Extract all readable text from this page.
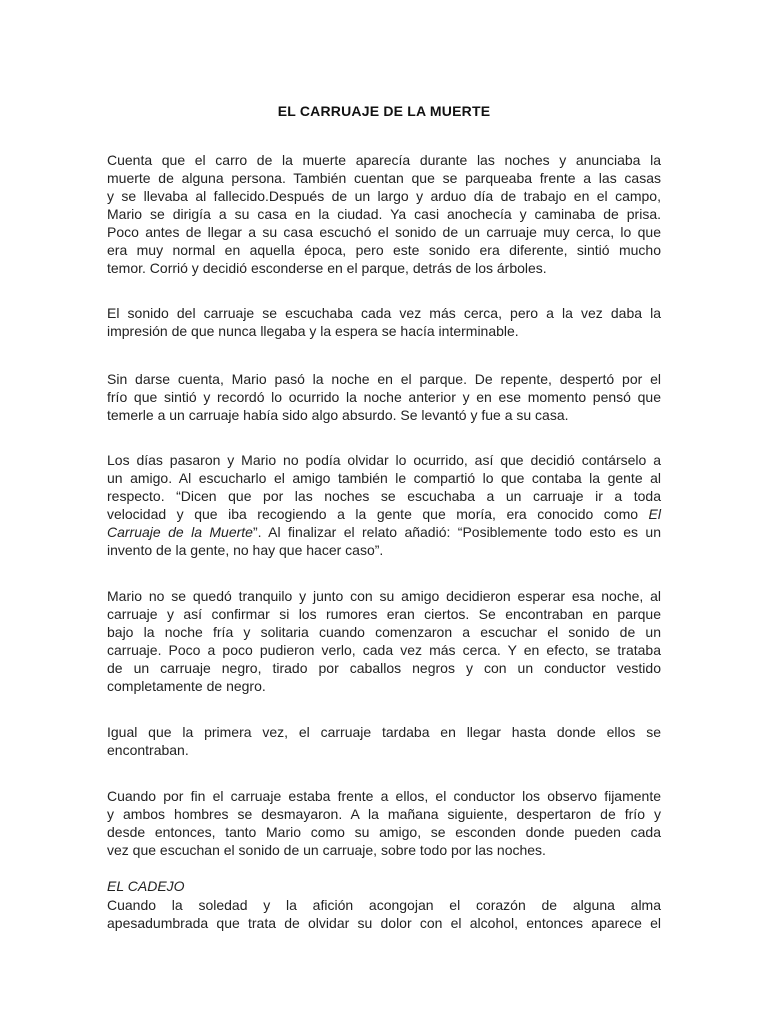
EL CARRUAJE DE LA MUERTE
Cuenta que el carro de la muerte aparecía durante las noches y anunciaba la
muerte de alguna persona. También cuentan que se parqueaba frente a las casas
y se llevaba al fallecido.Después de un largo y arduo día de trabajo en el campo,
Mario se dirigía a su casa en la ciudad. Ya casi anochecía y caminaba de prisa.
Poco antes de llegar a su casa escuchó el sonido de un carruaje muy cerca, lo que
era muy normal en aquella época, pero este sonido era diferente, sintió mucho
temor. Corrió y decidió esconderse en el parque, detrás de los árboles.
El sonido del carruaje se escuchaba cada vez más cerca, pero a la vez daba la
impresión de que nunca llegaba y la espera se hacía interminable.
Sin darse cuenta, Mario pasó la noche en el parque. De repente, despertó por el
frío que sintió y recordó lo ocurrido la noche anterior y en ese momento pensó que
temerle a un carruaje había sido algo absurdo. Se levantó y fue a su casa.
Los días pasaron y Mario no podía olvidar lo ocurrido, así que decidió contárselo a
un amigo. Al escucharlo el amigo también le compartió lo que contaba la gente al
respecto. “Dicen que por las noches se escuchaba a un carruaje ir a toda
velocidad y que iba recogiendo a la gente que moría, era conocido como El
Carruaje de la Muerte”. Al finalizar el relato añadió: “Posiblemente todo esto es un
invento de la gente, no hay que hacer caso”.
Mario no se quedó tranquilo y junto con su amigo decidieron esperar esa noche, al
carruaje y así confirmar si los rumores eran ciertos. Se encontraban en parque
bajo la noche fría y solitaria cuando comenzaron a escuchar el sonido de un
carruaje. Poco a poco pudieron verlo, cada vez más cerca. Y en efecto, se trataba
de un carruaje negro, tirado por caballos negros y con un conductor vestido
completamente de negro.
Igual que la primera vez, el carruaje tardaba en llegar hasta donde ellos se
encontraban.
Cuando por fin el carruaje estaba frente a ellos, el conductor los observo fijamente
y ambos hombres se desmayaron. A la mañana siguiente, despertaron de frío y
desde entonces, tanto Mario como su amigo, se esconden donde pueden cada
vez que escuchan el sonido de un carruaje, sobre todo por las noches.
EL CADEJO
Cuando la soledad y la afición acongojan el corazón de alguna alma
apesadumbrada que trata de olvidar su dolor con el alcohol, entonces aparece el
